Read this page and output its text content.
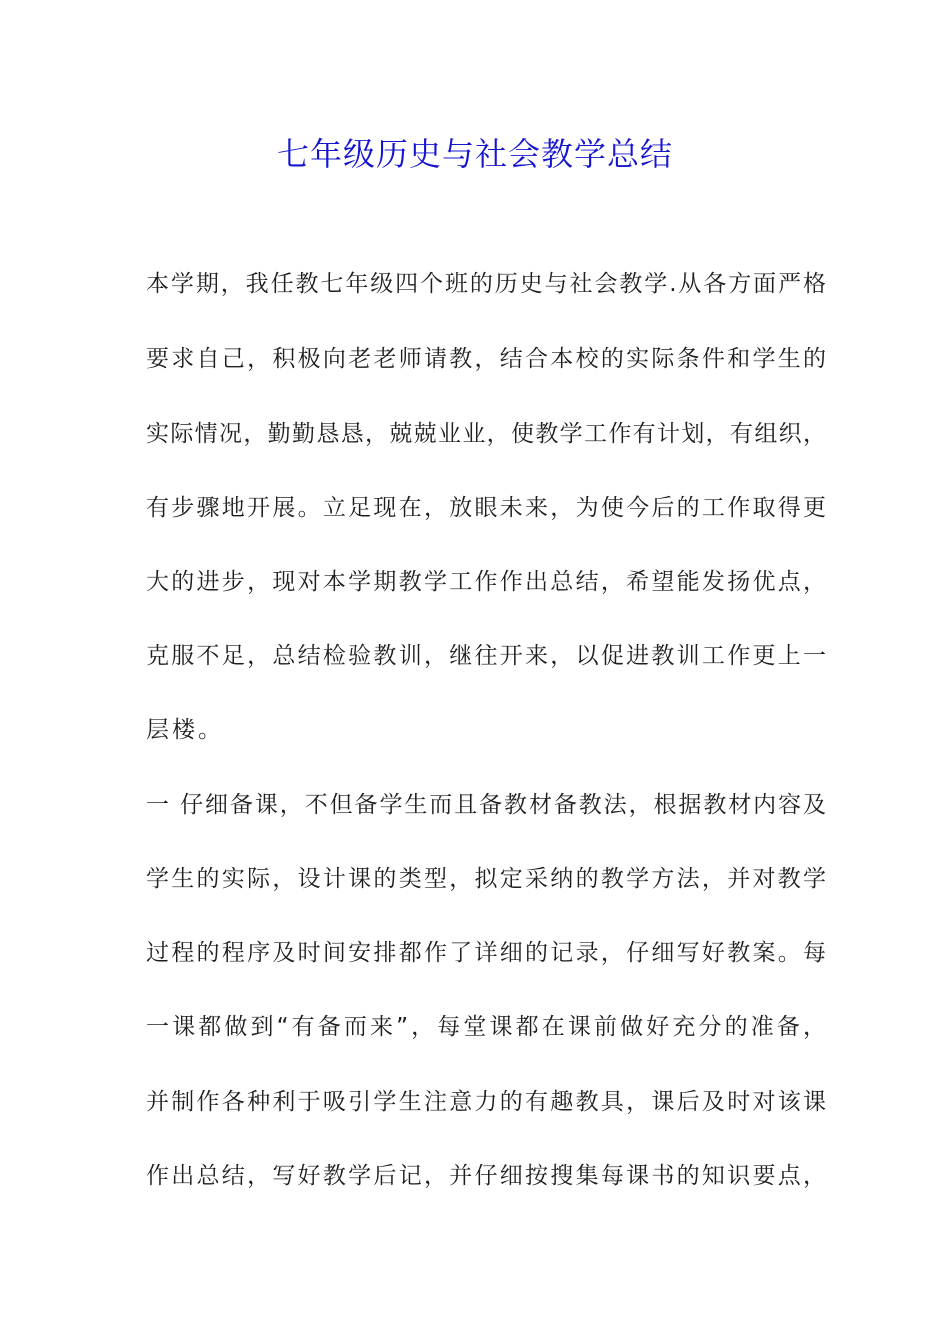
七年级历史与社会教学总结

本学期，我任教七年级四个班的历史与社会教学.从各方面严格

要求自己，积极向老老师请教，结合本校的实际条件和学生的

实际情况，勤勤恳恳，兢兢业业，使教学工作有计划，有组织，

有步骤地开展。立足现在，放眼未来，为使今后的工作取得更

大的进步，现对本学期教学工作作出总结，希望能发扬优点，

克服不足，总结检验教训，继往开来，以促进教训工作更上一

层楼。

一 仔细备课，不但备学生而且备教材备教法，根据教材内容及

学生的实际，设计课的类型，拟定采纳的教学方法，并对教学

过程的程序及时间安排都作了详细的记录，仔细写好教案。每

一课都做到“有备而来”，每堂课都在课前做好充分的准备，

并制作各种利于吸引学生注意力的有趣教具，课后及时对该课

作出总结，写好教学后记，并仔细按搜集每课书的知识要点，
